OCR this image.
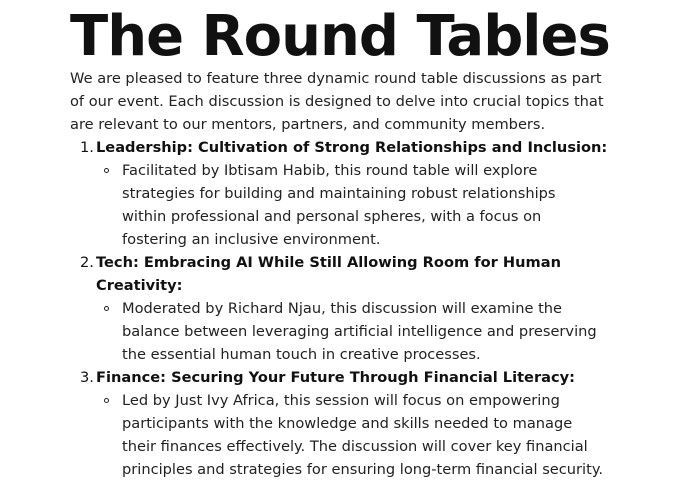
The Round Tables

We are pleased to feature three dynamic round table discussions as part
of our event. Each discussion is designed to delve into crucial topics that
are relevant to our mentors, partners, and community members.

1. Leadership: Cultivation of Strong Relationships and Inclusion:
Facilitated by Ibtisam Habib, this round table will explore
strategies for building and maintaining robust relationships
within professional and personal spheres, with a focus on
fostering an inclusive environment.
2. Tech: Embracing AI While Still Allowing Room for Human
Creativity:
Moderated by Richard Njau, this discussion will examine the
balance between leveraging artificial intelligence and preserving
the essential human touch in creative processes.
3. Finance: Securing Your Future Through Financial Literacy:
Led by Just Ivy Africa, this session will focus on empowering
participants with the knowledge and skills needed to manage
their finances effectively. The discussion will cover key financial
principles and strategies for ensuring long-term financial security.
